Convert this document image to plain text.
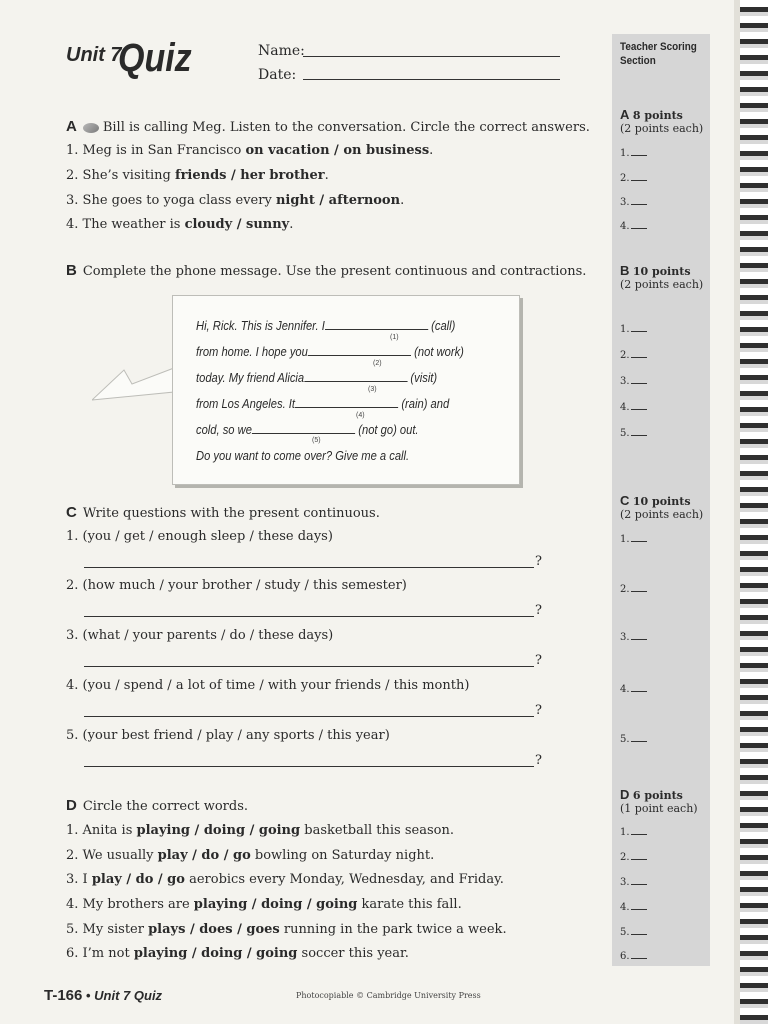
Unit 7
Quiz	Name:
Date:
Teacher Scoring
Section
A 8 points
(2 points each)
1.
2.
3.
4.
B 10 points
(2 points each)
1.
2.
3.
4.
5.
C 10 points
(2 points each)
1.
2.
3.
4.
5.
D 6 points
(1 point each)
1.
2.
3.
4.
5.
6.
A Bill is calling Meg. Listen to the conversation. Circle the correct answers.
1. Meg is in San Francisco on vacation / on business.
2. She’s visiting friends / her brother.
3. She goes to yoga class every night / afternoon.
4. The weather is cloudy / sunny.
B Complete the phone message. Use the present continuous and contractions.
Hi, Rick. This is Jennifer. I	(call)
(1)
from home. I hope you	(not work)
(2)
today. My friend Alicia	(visit)
(3)
from Los Angeles. It	(rain) and
(4)
cold, so we	(not go) out.
(5)
Do you want to come over? Give me a call.
C Write questions with the present continuous.
1. (you / get / enough sleep / these days)
?
2. (how much / your brother / study / this semester)
?
3. (what / your parents / do / these days)
?
4. (you / spend / a lot of time / with your friends / this month)
?
5. (your best friend / play / any sports / this year)
?
D Circle the correct words.
1. Anita is playing / doing / going basketball this season.
2. We usually play / do / go bowling on Saturday night.
3. I play / do / go aerobics every Monday, Wednesday, and Friday.
4. My brothers are playing / doing / going karate this fall.
5. My sister plays / does / goes running in the park twice a week.
6. I’m not playing / doing / going soccer this year.
T-166 • Unit 7 Quiz	Photocopiable © Cambridge University Press
